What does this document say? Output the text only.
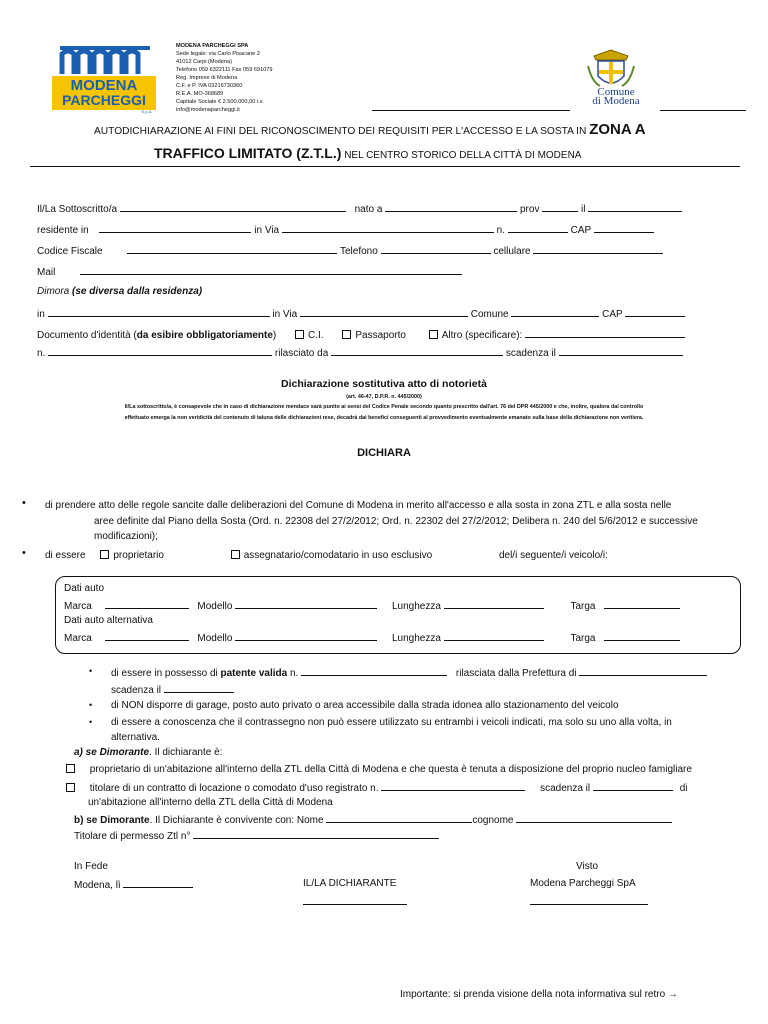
MODENA
PARCHEGGI
S.p.A.
MODENA PARCHEGGI SPA
Sede legale: via Carlo Pisacane 2
41012 Carpi (Modena)
Telefono 059 6322111 Fax 059 691079
Reg. Imprese di Modena
C.F. e P. IVA 03216730360
R.E.A. MO-368689
Capitale Sociale € 2.500.000,00 i.v.
info@modenaparcheggi.it
Comune
di Modena
AUTODICHIARAZIONE AI FINI DEL RICONOSCIMENTO DEI REQUISITI PER L'ACCESSO E LA SOSTA IN ZONA A
TRAFFICO LIMITATO (Z.T.L.) NEL CENTRO STORICO DELLA CITTÀ DI MODENA
Il/La Sottoscritto/a	nato a	prov	il
residente in	in Via	n.	CAP
Codice Fiscale	Telefono	cellulare
Mail
Dimora (se diversa dalla residenza)
in	in Via	Comune	CAP
Documento d'identità (da esibire obbligatoriamente)	C.I.	Passaporto	Altro (specificare):
n.	rilasciato da	scadenza il
Dichiarazione sostitutiva atto di notorietà
(art. 46-47, D.P.R. n. 445/2000)
Il/La sottoscritto/a, è consapevole che in caso di dichiarazione mendace sarà punito ai sensi del Codice Penale secondo quanto prescritto dall'art. 76 del DPR 445/2000 e che, inoltre, qualora dal controllo
effettuato emerga la non veridicità del contenuto di taluna delle dichiarazioni rese, decadrà dai benefici conseguenti al provvedimento eventualmente emanato sulla base della dichiarazione non veritiera.
DICHIARA
• di prendere atto delle regole sancite dalle deliberazioni del Comune di Modena in merito all'accesso e alla sosta in zona ZTL e alla sosta nelle
aree definite dal Piano della Sosta (Ord. n. 22308 del 27/2/2012; Ord. n. 22302 del 27/2/2012; Delibera n. 240 del 5/6/2012 e successive
modificazioni);
• di essere	proprietario	assegnatario/comodatario in uso esclusivo	del/i seguente/i veicolo/i:
Dati auto
Marca	Modello	Lunghezza	Targa
Dati auto alternativa
Marca	Modello	Lunghezza	Targa
• di essere in possesso di patente valida n.	rilasciata dalla Prefettura di
scadenza il
• di NON disporre di garage, posto auto privato o area accessibile dalla strada idonea allo stazionamento del veicolo
• di essere a conoscenza che il contrassegno non può essere utilizzato su entrambi i veicoli indicati, ma solo su uno alla volta, in
alternativa.
a) se Dimorante. Il dichiarante è:
proprietario di un'abitazione all'interno della ZTL della Città di Modena e che questa è tenuta a disposizione del proprio nucleo famigliare
titolare di un contratto di locazione o comodato d'uso registrato n.	scadenza il	di
un'abitazione all'interno della ZTL della Città di Modena
b) se Dimorante. Il Dichiarante è convivente con: Nome	cognome
Titolare di permesso Ztl n°
In Fede	Visto
Modena, lì	IL/LA DICHIARANTE	Modena Parcheggi SpA
Importante: si prenda visione della nota informativa sul retro →
